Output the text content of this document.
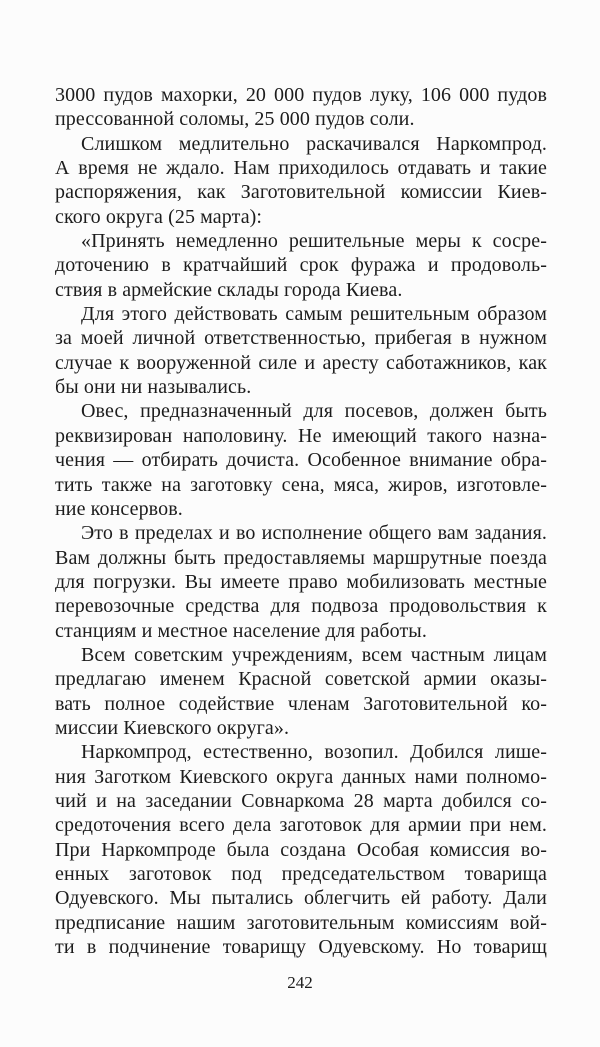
3000 пудов махорки, 20 000 пудов луку, 106 000 пудов
прессованной соломы, 25 000 пудов соли.
Слишком медлительно раскачивался Наркомпрод.
А время не ждало. Нам приходилось отдавать и такие
распоряжения, как Заготовительной комиссии Киев-
ского округа (25 марта):
«Принять немедленно решительные меры к сосре-
доточению в кратчайший срок фуража и продоволь-
ствия в армейские склады города Киева.
Для этого действовать самым решительным образом
за моей личной ответственностью, прибегая в нужном
случае к вооруженной силе и аресту саботажников, как
бы они ни назывались.
Овес, предназначенный для посевов, должен быть
реквизирован наполовину. Не имеющий такого назна-
чения — отбирать дочиста. Особенное внимание обра-
тить также на заготовку сена, мяса, жиров, изготовле-
ние консервов.
Это в пределах и во исполнение общего вам задания.
Вам должны быть предоставляемы маршрутные поезда
для погрузки. Вы имеете право мобилизовать местные
перевозочные средства для подвоза продовольствия к
станциям и местное население для работы.
Всем советским учреждениям, всем частным лицам
предлагаю именем Красной советской армии оказы-
вать полное содействие членам Заготовительной ко-
миссии Киевского округа».
Наркомпрод, естественно, возопил. Добился лише-
ния Заготком Киевского округа данных нами полномо-
чий и на заседании Совнаркома 28 марта добился со-
средоточения всего дела заготовок для армии при нем.
При Наркомпроде была создана Особая комиссия во-
енных заготовок под председательством товарища
Одуевского. Мы пытались облегчить ей работу. Дали
предписание нашим заготовительным комиссиям вой-
ти в подчинение товарищу Одуевскому. Но товарищ
242
